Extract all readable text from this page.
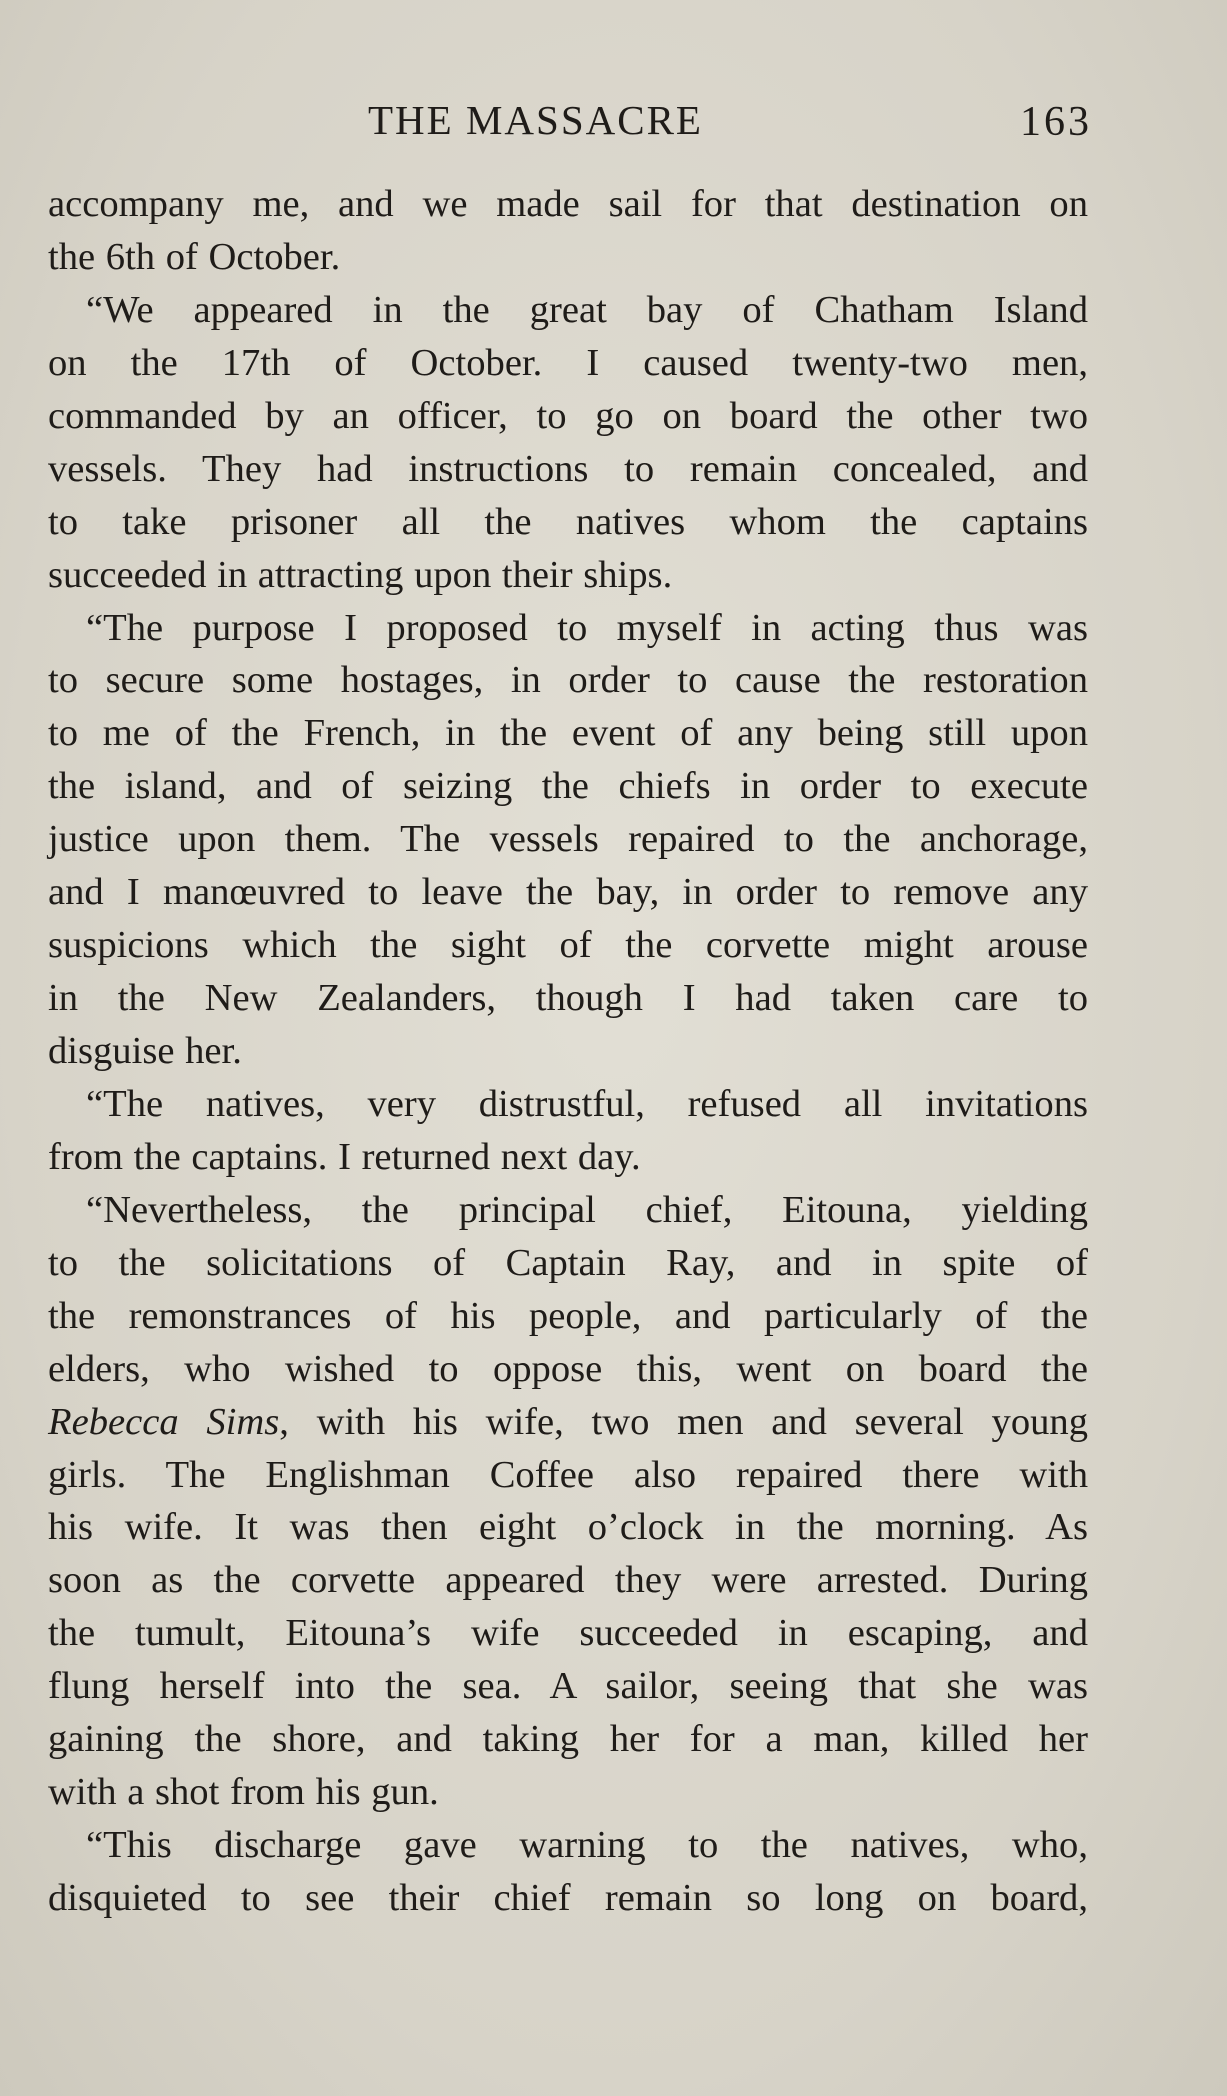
THE MASSACRE	163
accompany me, and we made sail for that destination on
the 6th of October.
“We appeared in the great bay of Chatham Island
on the 17th of October. I caused twenty-two men,
commanded by an officer, to go on board the other two
vessels. They had instructions to remain concealed, and
to take prisoner all the natives whom the captains
succeeded in attracting upon their ships.
“The purpose I proposed to myself in acting thus was
to secure some hostages, in order to cause the restoration
to me of the French, in the event of any being still upon
the island, and of seizing the chiefs in order to execute
justice upon them. The vessels repaired to the anchorage,
and I manœuvred to leave the bay, in order to remove any
suspicions which the sight of the corvette might arouse
in the New Zealanders, though I had taken care to
disguise her.
“The natives, very distrustful, refused all invitations
from the captains. I returned next day.
“Nevertheless, the principal chief, Eitouna, yielding
to the solicitations of Captain Ray, and in spite of
the remonstrances of his people, and particularly of the
elders, who wished to oppose this, went on board the
Rebecca Sims, with his wife, two men and several young
girls. The Englishman Coffee also repaired there with
his wife. It was then eight o’clock in the morning. As
soon as the corvette appeared they were arrested. During
the tumult, Eitouna’s wife succeeded in escaping, and
flung herself into the sea. A sailor, seeing that she was
gaining the shore, and taking her for a man, killed her
with a shot from his gun.
“This discharge gave warning to the natives, who,
disquieted to see their chief remain so long on board,
